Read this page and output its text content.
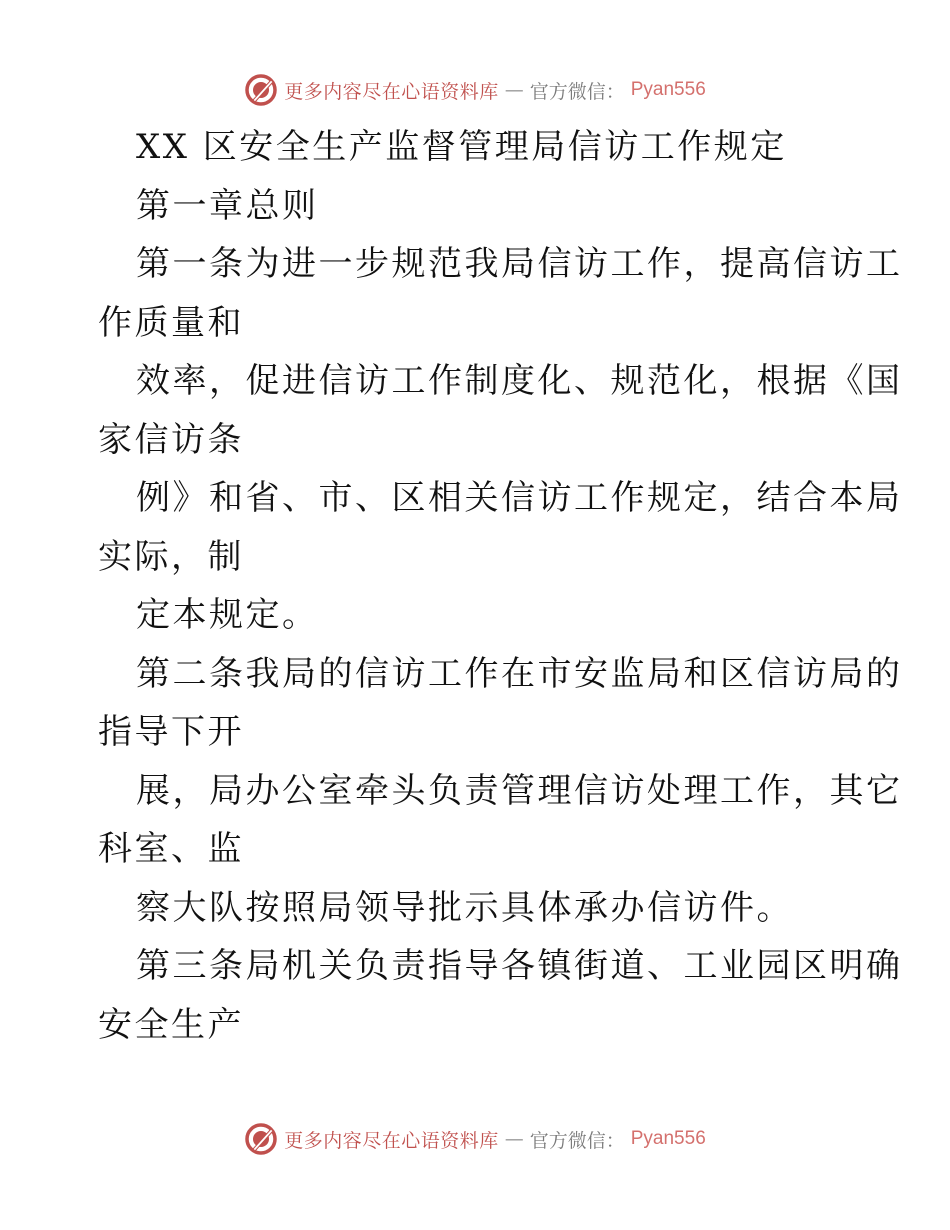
更多内容尽在心语资料库 — 官方微信： Pyan556
XX 区安全生产监督管理局信访工作规定
第一章总则
第一条为进一步规范我局信访工作，提高信访工
作质量和
效率，促进信访工作制度化、规范化，根据《国
家信访条
例》和省、市、区相关信访工作规定，结合本局
实际，制
定本规定。
第二条我局的信访工作在市安监局和区信访局的
指导下开
展，局办公室牵头负责管理信访处理工作，其它
科室、监
察大队按照局领导批示具体承办信访件。
第三条局机关负责指导各镇街道、工业园区明确
安全生产
更多内容尽在心语资料库 — 官方微信： Pyan556
